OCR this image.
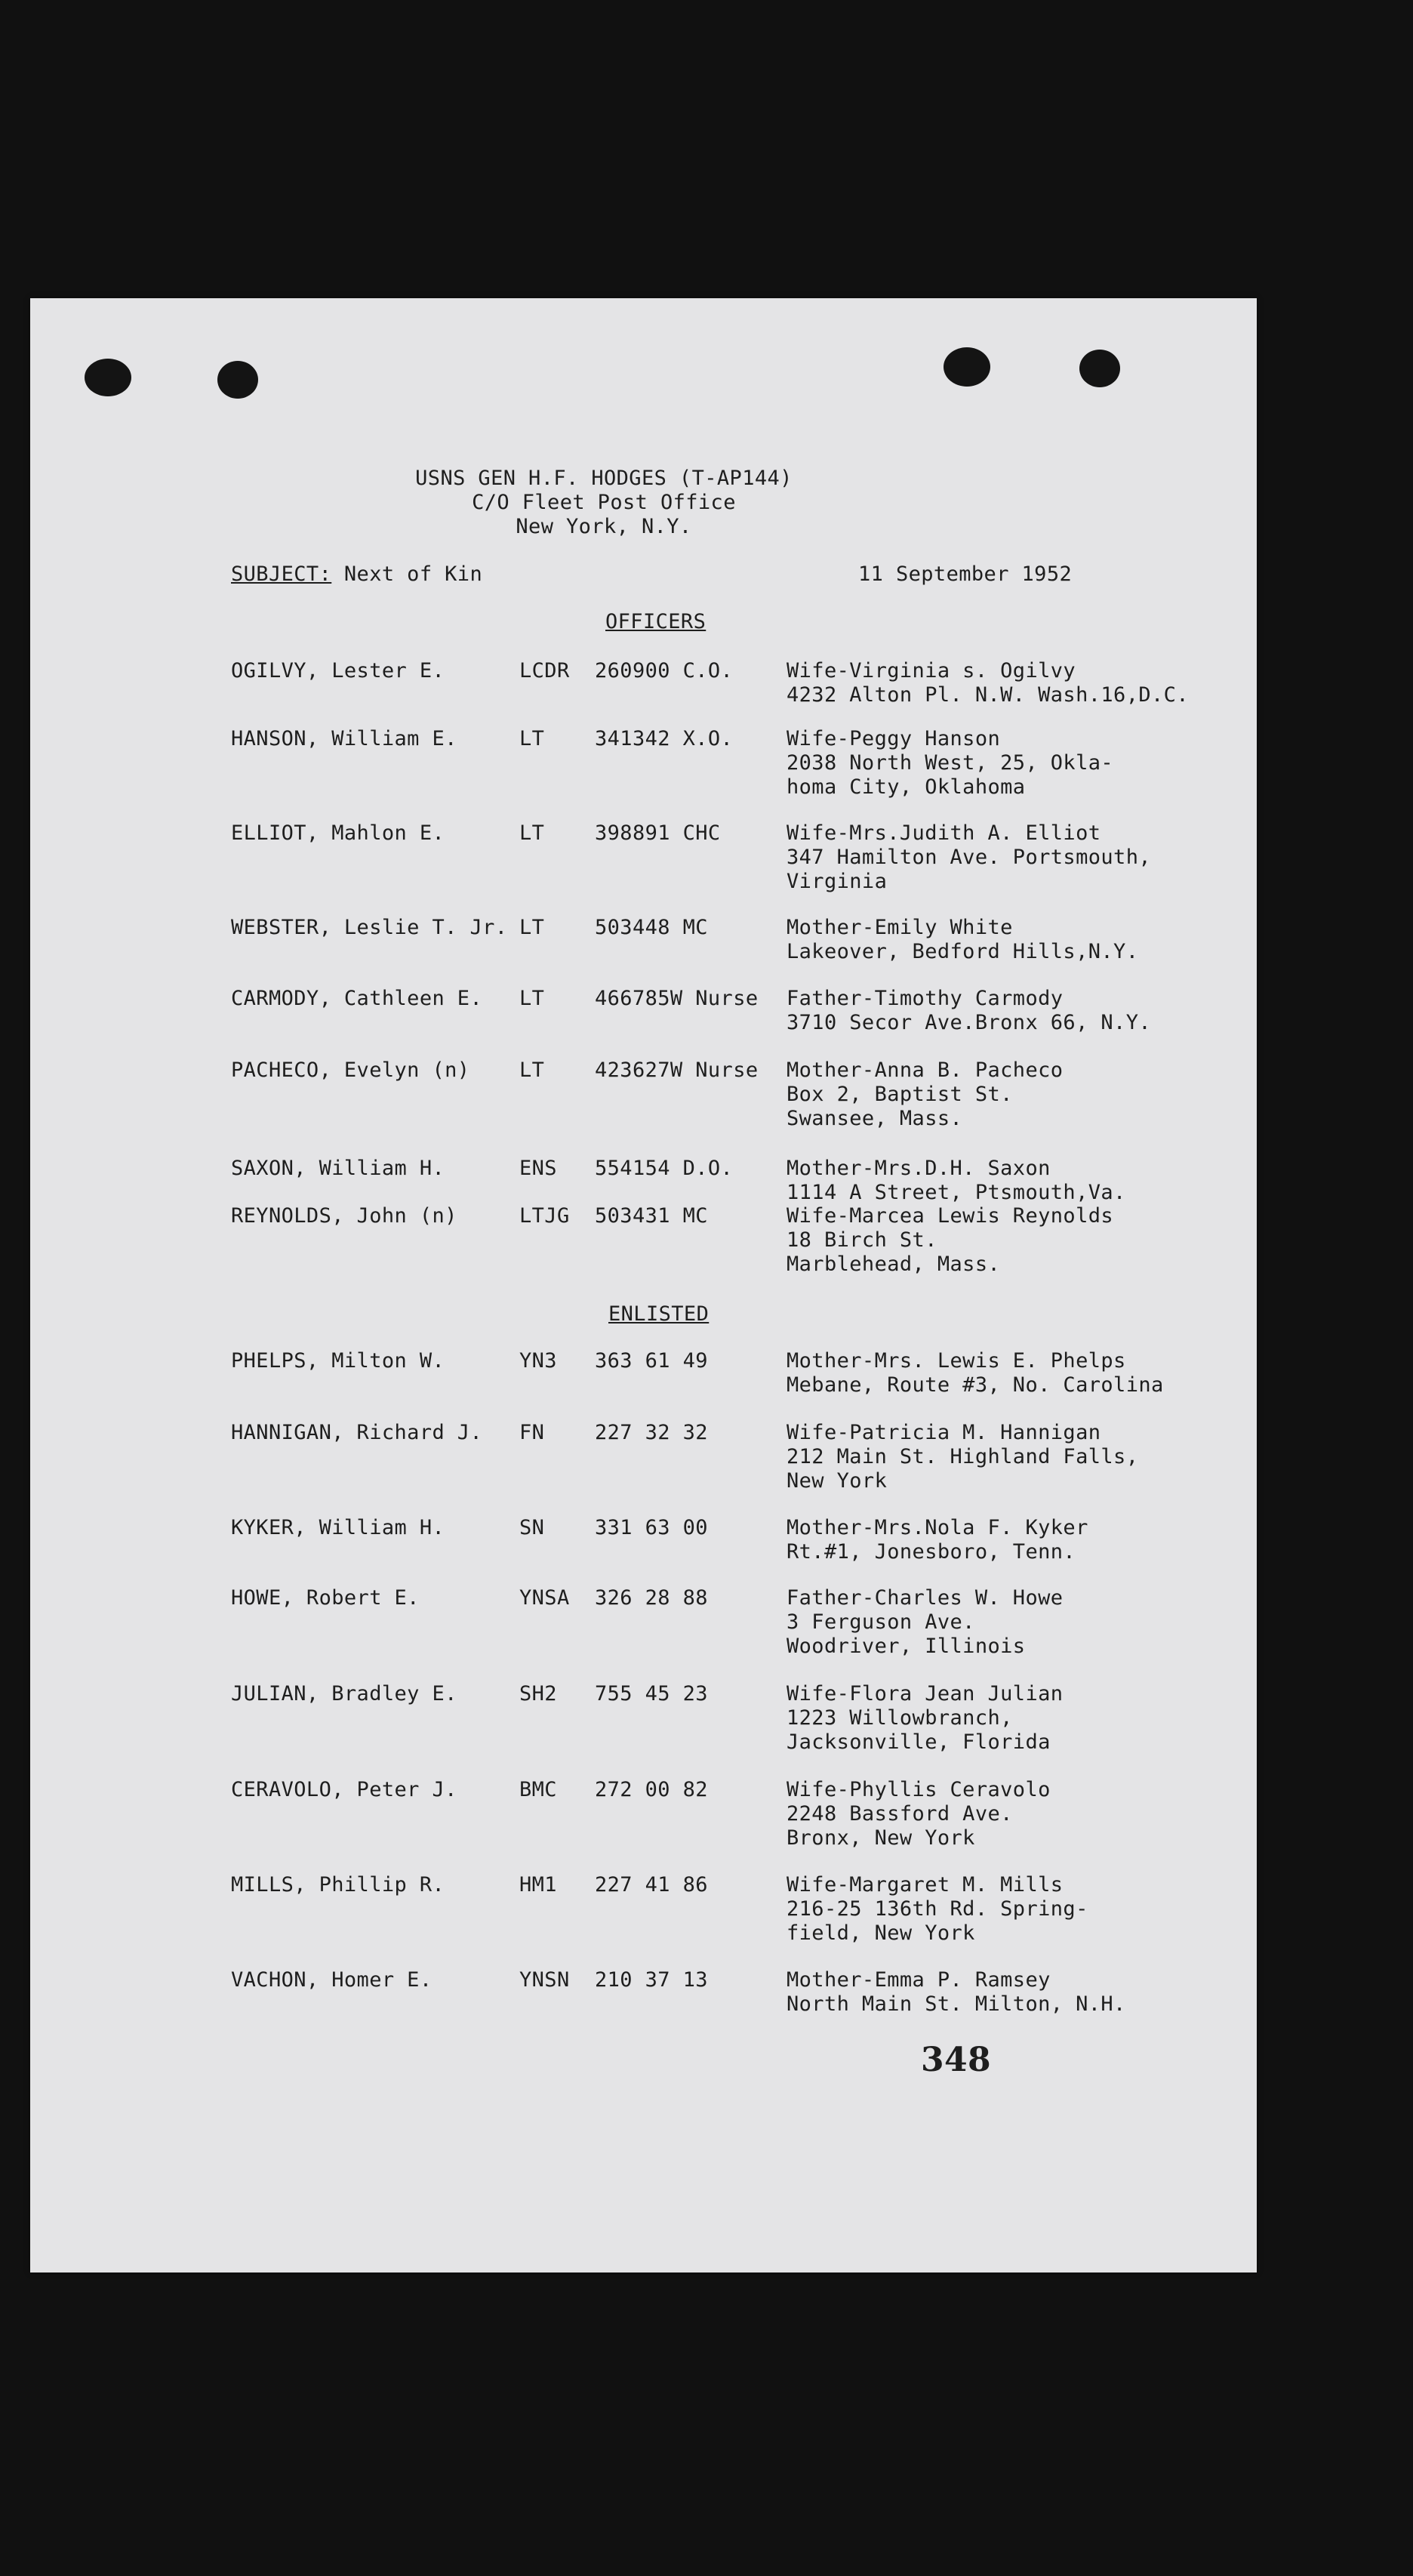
USNS GEN H.F. HODGES (T-AP144)
C/O Fleet Post Office
New York, N.Y.
SUBJECT: Next of Kin	11 September 1952
OFFICERS
OGILVY, Lester E.	LCDR 260900 C.O.	Wife-Virginia s. Ogilvy
4232 Alton Pl. N.W. Wash.16,D.C.
HANSON, William E.	LT 341342 X.O.	Wife-Peggy Hanson
2038 North West, 25, Okla-
homa City, Oklahoma
ELLIOT, Mahlon E.	LT 398891 CHC	Wife-Mrs.Judith A. Elliot
347 Hamilton Ave. Portsmouth,
Virginia
WEBSTER, Leslie T. Jr. LT 503448 MC	Mother-Emily White
Lakeover, Bedford Hills,N.Y.
CARMODY, Cathleen E. LT 466785W Nurse Father-Timothy Carmody
3710 Secor Ave.Bronx 66, N.Y.
PACHECO, Evelyn (n) LT 423627W Nurse Mother-Anna B. Pacheco
Box 2, Baptist St.
Swansee, Mass.
SAXON, William H.	ENS 554154 D.O.	Mother-Mrs.D.H. Saxon
1114 A Street, Ptsmouth,Va.
REYNOLDS, John (n)	LTJG 503431 MC	Wife-Marcea Lewis Reynolds
18 Birch St.
Marblehead, Mass.
ENLISTED
PHELPS, Milton W.	YN3 363 61 49	Mother-Mrs. Lewis E. Phelps
Mebane, Route #3, No. Carolina
HANNIGAN, Richard J. FN 227 32 32	Wife-Patricia M. Hannigan
212 Main St. Highland Falls,
New York
KYKER, William H.	SN 331 63 00	Mother-Mrs.Nola F. Kyker
Rt.#1, Jonesboro, Tenn.
HOWE, Robert E.	YNSA 326 28 88	Father-Charles W. Howe
3 Ferguson Ave.
Woodriver, Illinois
JULIAN, Bradley E.	SH2 755 45 23	Wife-Flora Jean Julian
1223 Willowbranch,
Jacksonville, Florida
CERAVOLO, Peter J.	BMC 272 00 82	Wife-Phyllis Ceravolo
2248 Bassford Ave.
Bronx, New York
MILLS, Phillip R.	HM1 227 41 86	Wife-Margaret M. Mills
216-25 136th Rd. Spring-
field, New York
VACHON, Homer E.	YNSN 210 37 13	Mother-Emma P. Ramsey
North Main St. Milton, N.H.
348
